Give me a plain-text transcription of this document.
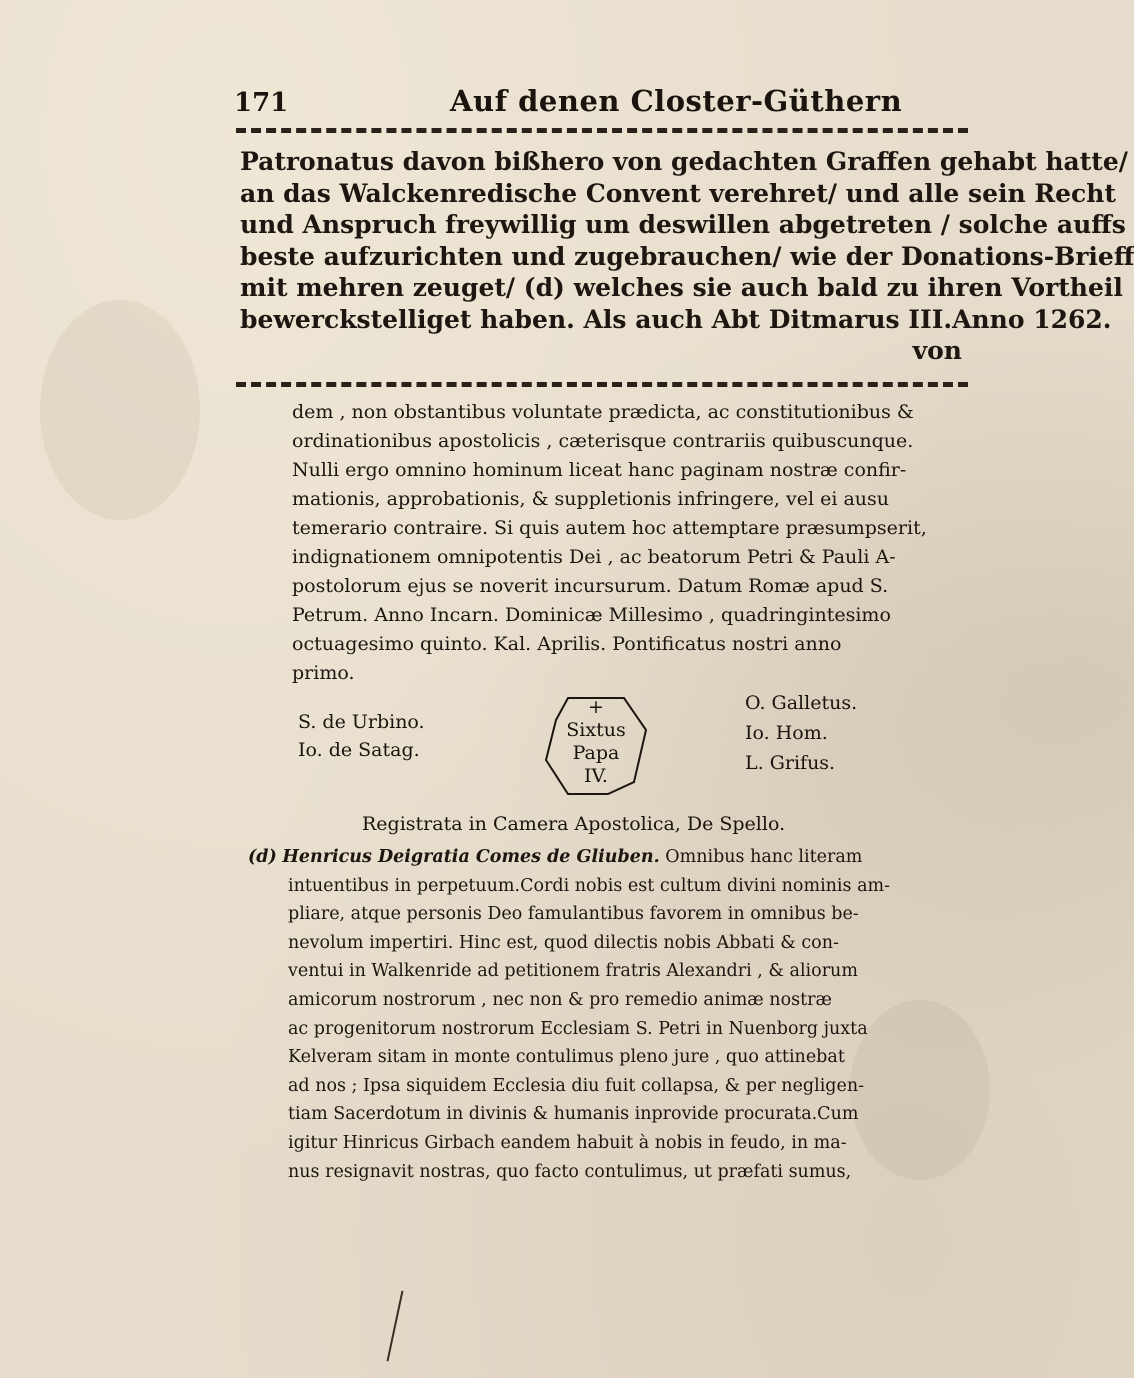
171	Auf denen Closter-Güthern
Patronatus davon bißhero von gedachten Graffen gehabt hatte/
an das Walckenredische Convent verehret/ und alle sein Recht
und Anspruch freywillig um deswillen abgetreten / solche auffs
beste aufzurichten und zugebrauchen/ wie der Donations-Brieff
mit mehren zeuget/ (d) welches sie auch bald zu ihren Vortheil
bewerckstelliget haben. Als auch Abt Ditmarus III.Anno 1262.
von
dem , non obstantibus voluntate prædicta, ac constitutionibus &
ordinationibus apostolicis , cæterisque contrariis quibuscunque.
Nulli ergo omnino hominum liceat hanc paginam nostræ confir-
mationis, approbationis, & suppletionis infringere, vel ei ausu
temerario contraire. Si quis autem hoc attemptare præsumpserit,
indignationem omnipotentis Dei , ac beatorum Petri & Pauli A-
postolorum ejus se noverit incursurum. Datum Romæ apud S.
Petrum. Anno Incarn. Dominicæ Millesimo , quadringintesimo
octuagesimo quinto. Kal. Aprilis. Pontificatus nostri anno
primo.
S. de Urbino.
Io. de Satag.
+
Sixtus
Papa
IV.
O. Galletus.
Io. Hom.
L. Grifus.
Registrata in Camera Apostolica, De Spello.
(d) Henricus Deigratia Comes de Gliuben. Omnibus hanc literam
intuentibus in perpetuum.Cordi nobis est cultum divini nominis am-
pliare, atque personis Deo famulantibus favorem in omnibus be-
nevolum impertiri. Hinc est, quod dilectis nobis Abbati & con-
ventui in Walkenride ad petitionem fratris Alexandri , & aliorum
amicorum nostrorum , nec non & pro remedio animæ nostræ
ac progenitorum nostrorum Ecclesiam S. Petri in Nuenborg juxta
Kelveram sitam in monte contulimus pleno jure , quo attinebat
ad nos ; Ipsa siquidem Ecclesia diu fuit collapsa, & per negligen-
tiam Sacerdotum in divinis & humanis inprovide procurata.Cum
igitur Hinricus Girbach eandem habuit à nobis in feudo, in ma-
nus resignavit nostras, quo facto contulimus, ut præfati sumus,
